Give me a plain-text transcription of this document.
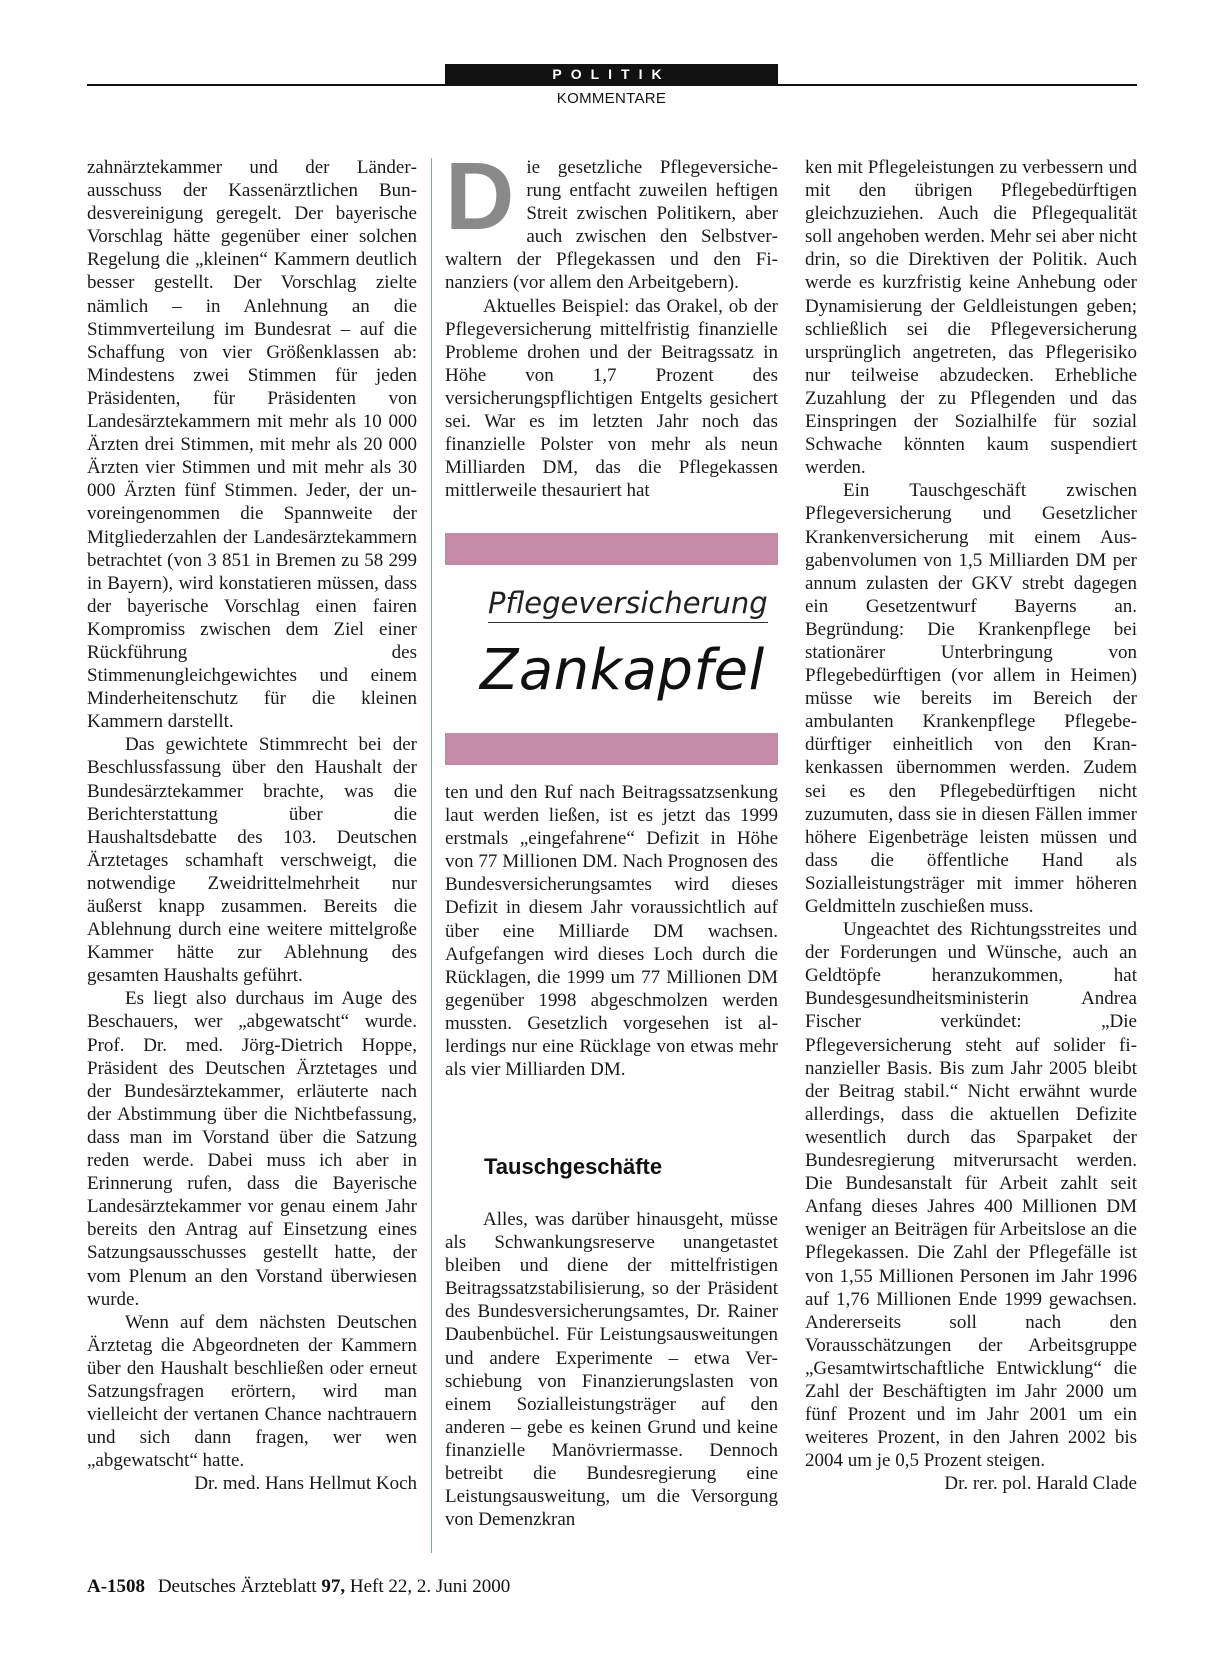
POLITIK
KOMMENTARE

zahnärztekammer und der Länderausschuss der Kassenärztlichen Bundesvereinigung geregelt. Der bayerische Vorschlag hätte gegenüber einer solchen Regelung die „kleinen“ Kammern deutlich besser gestellt. Der Vorschlag zielte nämlich – in Anlehnung an die Stimmverteilung im Bundesrat – auf die Schaffung von vier Größenklassen ab: Mindestens zwei Stimmen für jeden Präsidenten, für Präsidenten von Landesärztekammern mit mehr als 10 000 Ärzten drei Stimmen, mit mehr als 20 000 Ärzten vier Stimmen und mit mehr als 30 000 Ärzten fünf Stimmen. Jeder, der unvoreingenommen die Spannweite der Mitgliederzahlen der Landesärztekammern betrachtet (von 3 851 in Bremen zu 58 299 in Bayern), wird konstatieren müssen, dass der bayerische Vorschlag einen fairen Kompromiss zwischen dem Ziel einer Rückführung des Stimmenungleichgewichtes und einem Minderheitenschutz für die kleinen Kammern darstellt.

Das gewichtete Stimmrecht bei der Beschlussfassung über den Haushalt der Bundesärztekammer brachte, was die Berichterstattung über die Haushaltsdebatte des 103. Deutschen Ärztetages schamhaft verschweigt, die notwendige Zweidrittelmehrheit nur äußerst knapp zusammen. Bereits die Ablehnung durch eine weitere mittelgroße Kammer hätte zur Ablehnung des gesamten Haushalts geführt.

Es liegt also durchaus im Auge des Beschauers, wer „abgewatscht“ wurde. Prof. Dr. med. Jörg-Dietrich Hoppe, Präsident des Deutschen Ärztetages und der Bundesärztekammer, erläuterte nach der Abstimmung über die Nichtbefassung, dass man im Vorstand über die Satzung reden werde. Dabei muss ich aber in Erinnerung rufen, dass die Bayerische Landesärztekammer vor genau einem Jahr bereits den Antrag auf Einsetzung eines Satzungsausschusses gestellt hatte, der vom Plenum an den Vorstand überwiesen wurde.

Wenn auf dem nächsten Deutschen Ärztetag die Abgeordneten der Kammern über den Haushalt beschließen oder erneut Satzungsfragen erörtern, wird man vielleicht der vertanen Chance nachtrauern und sich dann fragen, wer wen „abgewatscht“ hatte.
Dr. med. Hans Hellmut Koch

Die gesetzliche Pflegeversicherung entfacht zuweilen heftigen Streit zwischen Politikern, aber auch zwischen den Selbstverwaltern der Pflegekassen und den Finanziers (vor allem den Arbeitgebern).

Aktuelles Beispiel: das Orakel, ob der Pflegeversicherung mittelfristig finanzielle Probleme drohen und der Beitragssatz in Höhe von 1,7 Prozent des versicherungspflichtigen Entgelts gesichert sei. War es im letzten Jahr noch das finanzielle Polster von mehr als neun Milliarden DM, das die Pflegekassen mittlerweile thesauriert hat

Pflegeversicherung
Zankapfel

ten und den Ruf nach Beitragssatzsenkung laut werden ließen, ist es jetzt das 1999 erstmals „eingefahrene“ Defizit in Höhe von 77 Millionen DM. Nach Prognosen des Bundesversicherungsamtes wird dieses Defizit in diesem Jahr voraussichtlich auf über eine Milliarde DM wachsen. Aufgefangen wird dieses Loch durch die Rücklagen, die 1999 um 77 Millionen DM gegenüber 1998 abgeschmolzen werden mussten. Gesetzlich vorgesehen ist allerdings nur eine Rücklage von etwas mehr als vier Milliarden DM.

Tauschgeschäfte

Alles, was darüber hinausgeht, müsse als Schwankungsreserve unangetastet bleiben und diene der mittelfristigen Beitragssatzstabilisierung, so der Präsident des Bundesversicherungsamtes, Dr. Rainer Daubenbüchel. Für Leistungsausweitungen und andere Experimente – etwa Verschiebung von Finanzierungslasten von einem Sozialleistungsträger auf den anderen – gebe es keinen Grund und keine finanzielle Manövriermasse. Dennoch betreibt die Bundesregierung eine Leistungsausweitung, um die Versorgung von Demenzkran

ken mit Pflegeleistungen zu verbessern und mit den übrigen Pflegebedürftigen gleichzuziehen. Auch die Pflegequalität soll angehoben werden. Mehr sei aber nicht drin, so die Direktiven der Politik. Auch werde es kurzfristig keine Anhebung oder Dynamisierung der Geldleistungen geben; schließlich sei die Pflegeversicherung ursprünglich angetreten, das Pflegerisiko nur teilweise abzudecken. Erhebliche Zuzahlung der zu Pflegenden und das Einspringen der Sozialhilfe für sozial Schwache könnten kaum suspendiert werden.

Ein Tauschgeschäft zwischen Pflegeversicherung und Gesetzlicher Krankenversicherung mit einem Ausgabenvolumen von 1,5 Milliarden DM per annum zulasten der GKV strebt dagegen ein Gesetzentwurf Bayerns an. Begründung: Die Krankenpflege bei stationärer Unterbringung von Pflegebedürftigen (vor allem in Heimen) müsse wie bereits im Bereich der ambulanten Krankenpflege Pflegebedürftiger einheitlich von den Krankenkassen übernommen werden. Zudem sei es den Pflegebedürftigen nicht zuzumuten, dass sie in diesen Fällen immer höhere Eigenbeträge leisten müssen und dass die öffentliche Hand als Sozialleistungsträger mit immer höheren Geldmitteln zuschießen muss.

Ungeachtet des Richtungsstreites und der Forderungen und Wünsche, auch an Geldtöpfe heranzukommen, hat Bundesgesundheitsministerin Andrea Fischer verkündet: „Die Pflegeversicherung steht auf solider finanzieller Basis. Bis zum Jahr 2005 bleibt der Beitrag stabil.“ Nicht erwähnt wurde allerdings, dass die aktuellen Defizite wesentlich durch das Sparpaket der Bundesregierung mitverursacht werden. Die Bundesanstalt für Arbeit zahlt seit Anfang dieses Jahres 400 Millionen DM weniger an Beiträgen für Arbeitslose an die Pflegekassen. Die Zahl der Pflegefälle ist von 1,55 Millionen Personen im Jahr 1996 auf 1,76 Millionen Ende 1999 gewachsen. Andererseits soll nach den Vorausschätzungen der Arbeitsgruppe „Gesamtwirtschaftliche Entwicklung“ die Zahl der Beschäftigten im Jahr 2000 um fünf Prozent und im Jahr 2001 um ein weiteres Prozent, in den Jahren 2002 bis 2004 um je 0,5 Prozent steigen.
Dr. rer. pol. Harald Clade

A-1508 Deutsches Ärzteblatt 97, Heft 22, 2. Juni 2000
